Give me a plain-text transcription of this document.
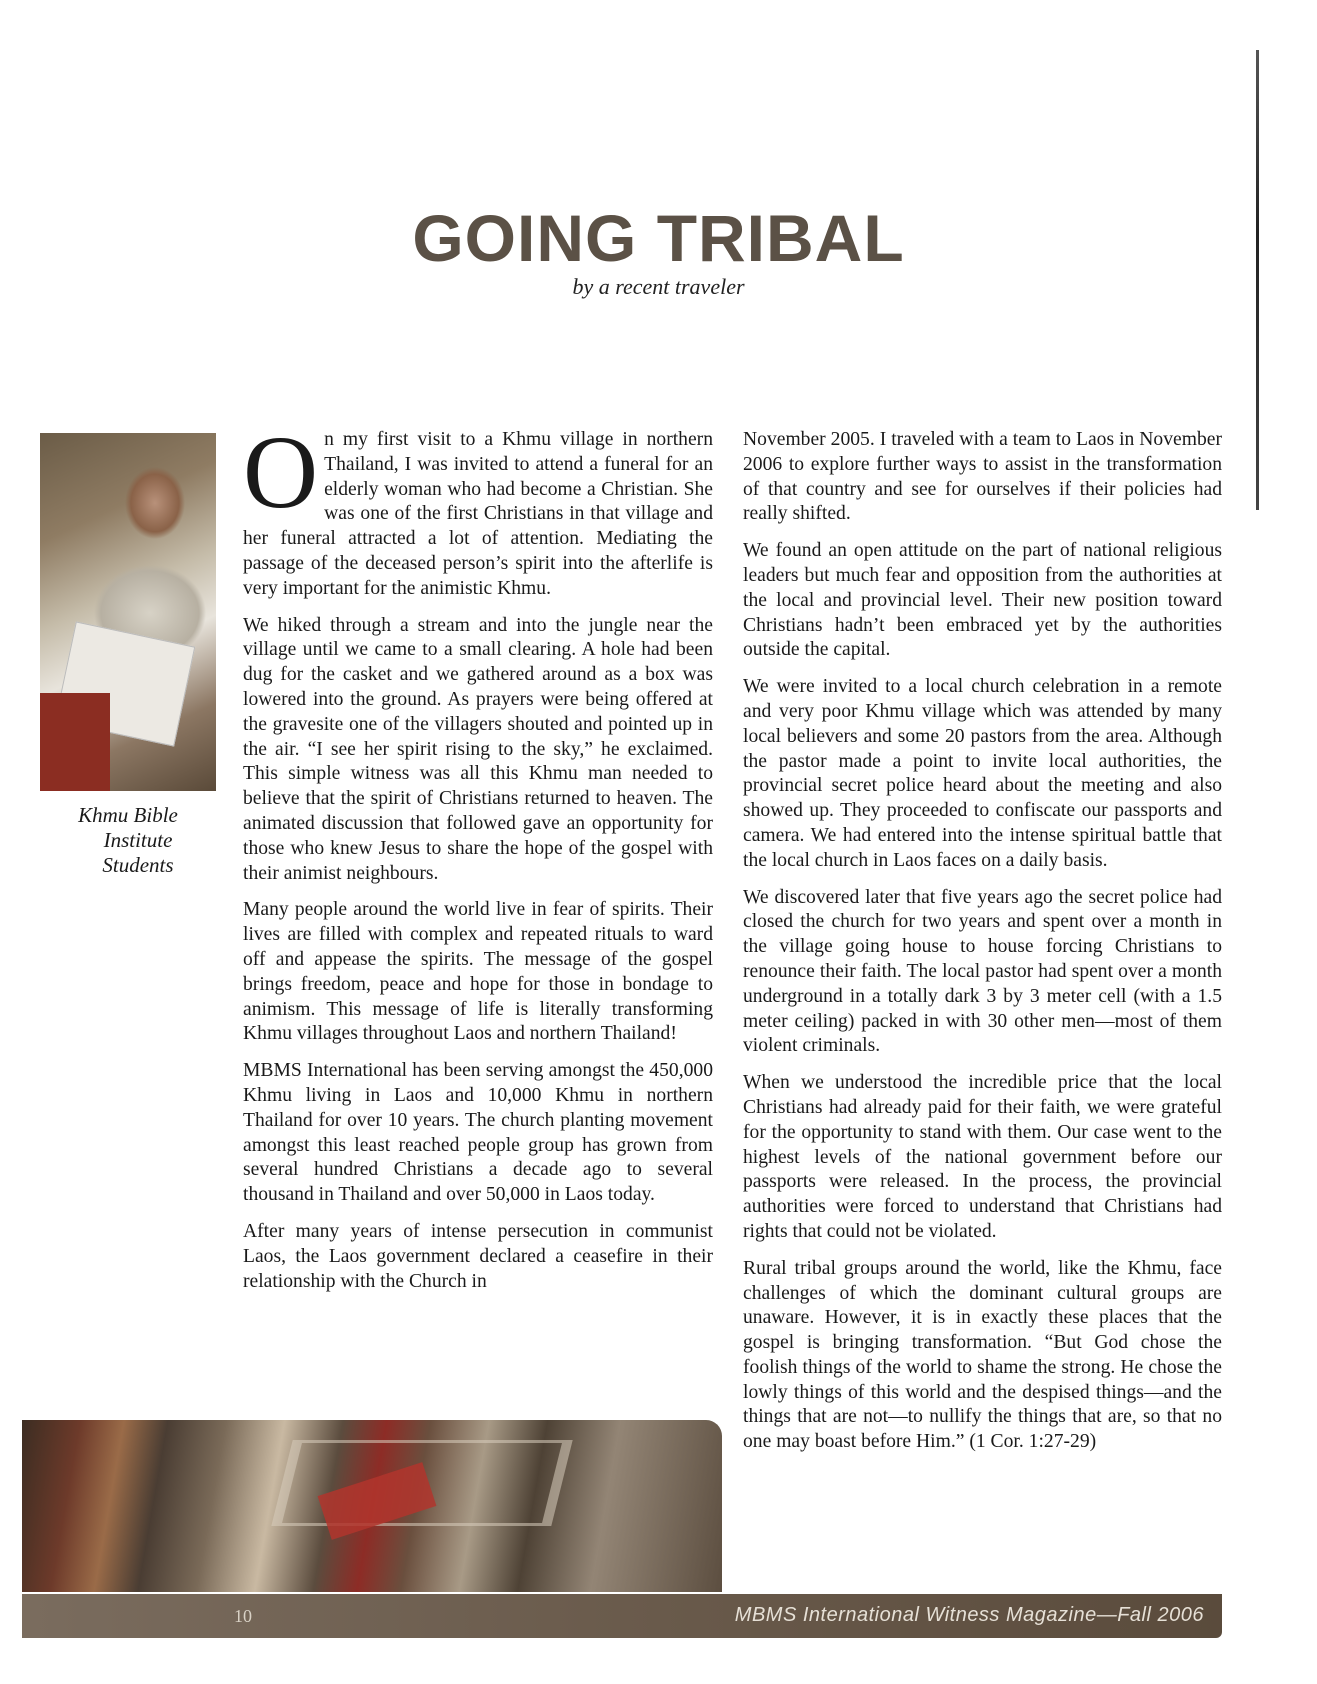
GOING TRIBAL
by a recent traveler
Khmu Bible
Institute
Students

On my first visit to a Khmu village in northern Thailand, I was invited to attend a funeral for an elderly woman who had become a Christian. She was one of the first Christians in that village and her funeral attracted a lot of attention. Mediating the passage of the deceased person’s spirit into the afterlife is very important for the animistic Khmu.

We hiked through a stream and into the jungle near the village until we came to a small clearing. A hole had been dug for the casket and we gathered around as a box was lowered into the ground. As prayers were being offered at the gravesite one of the villagers shouted and pointed up in the air. “I see her spirit rising to the sky,” he exclaimed. This simple witness was all this Khmu man needed to believe that the spirit of Christians returned to heaven. The animated discussion that followed gave an opportunity for those who knew Jesus to share the hope of the gospel with their animist neighbours.

Many people around the world live in fear of spirits. Their lives are filled with complex and repeated rituals to ward off and appease the spirits. The message of the gospel brings freedom, peace and hope for those in bondage to animism. This message of life is literally transforming Khmu villages throughout Laos and northern Thailand!

MBMS International has been serving amongst the 450,000 Khmu living in Laos and 10,000 Khmu in northern Thailand for over 10 years. The church planting movement amongst this least reached people group has grown from several hundred Christians a decade ago to several thousand in Thailand and over 50,000 in Laos today.

After many years of intense persecution in communist Laos, the Laos government declared a ceasefire in their relationship with the Church in

November 2005. I traveled with a team to Laos in November 2006 to explore further ways to assist in the transformation of that country and see for ourselves if their policies had really shifted.

We found an open attitude on the part of national religious leaders but much fear and opposition from the authorities at the local and provincial level. Their new position toward Christians hadn’t been embraced yet by the authorities outside the capital.

We were invited to a local church celebration in a remote and very poor Khmu village which was attended by many local believers and some 20 pastors from the area. Although the pastor made a point to invite local authorities, the provincial secret police heard about the meeting and also showed up. They proceeded to confiscate our passports and camera. We had entered into the intense spiritual battle that the local church in Laos faces on a daily basis.

We discovered later that five years ago the secret police had closed the church for two years and spent over a month in the village going house to house forcing Christians to renounce their faith. The local pastor had spent over a month underground in a totally dark 3 by 3 meter cell (with a 1.5 meter ceiling) packed in with 30 other men—most of them violent criminals.

When we understood the incredible price that the local Christians had already paid for their faith, we were grateful for the opportunity to stand with them. Our case went to the highest levels of the national government before our passports were released. In the process, the provincial authorities were forced to understand that Christians had rights that could not be violated.

Rural tribal groups around the world, like the Khmu, face challenges of which the dominant cultural groups are unaware. However, it is in exactly these places that the gospel is bringing transformation. “But God chose the foolish things of the world to shame the strong. He chose the lowly things of this world and the despised things—and the things that are not—to nullify the things that are, so that no one may boast before Him.” (1 Cor. 1:27-29)

10	MBMS International Witness Magazine—Fall 2006
